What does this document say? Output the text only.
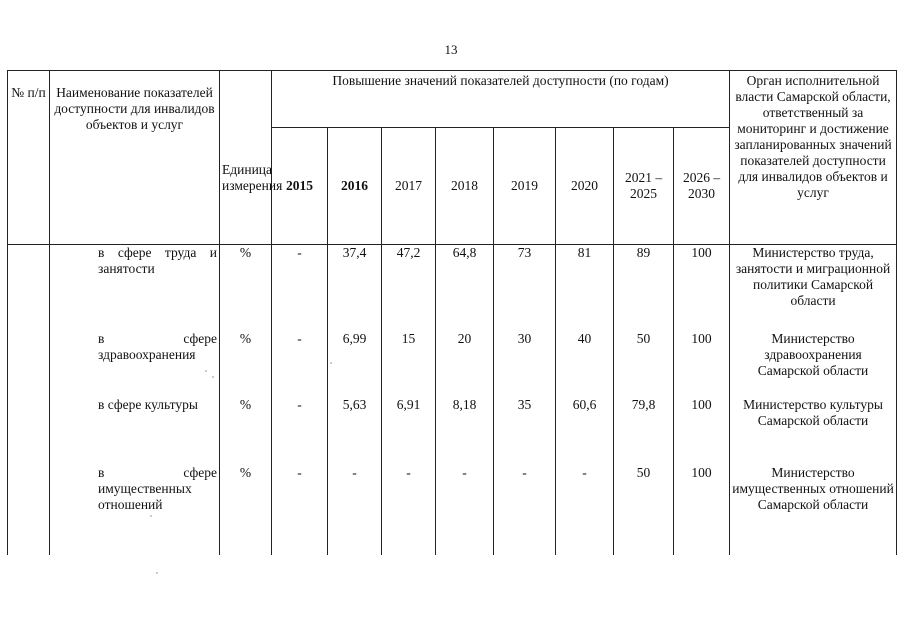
13
№ п/п	Наименование показателей доступности для инвалидов объектов и услуг	Единица измерения	Повышение значений показателей доступности (по годам)								Орган исполнительной власти Самарской области, ответственный за мониторинг и достижение запланированных значений показателей доступности для инвалидов объектов и услуг
			2015	2016	2017	2018	2019	2020	2021 – 2025	2026 – 2030	
	в сфере труда и занятости	%	-	37,4	47,2	64,8	73	81	89	100	Министерство труда, занятости и миграционной политики Самарской области
	в сфере здравоохранения	%	-	6,99	15	20	30	40	50	100	Министерство здравоохранения Самарской области
	в сфере культуры	%	-	5,63	6,91	8,18	35	60,6	79,8	100	Министерство культуры Самарской области
	в сфере имущественных отношений	%	-	-	-	-	-	-	50	100	Министерство имущественных отношений Самарской области
